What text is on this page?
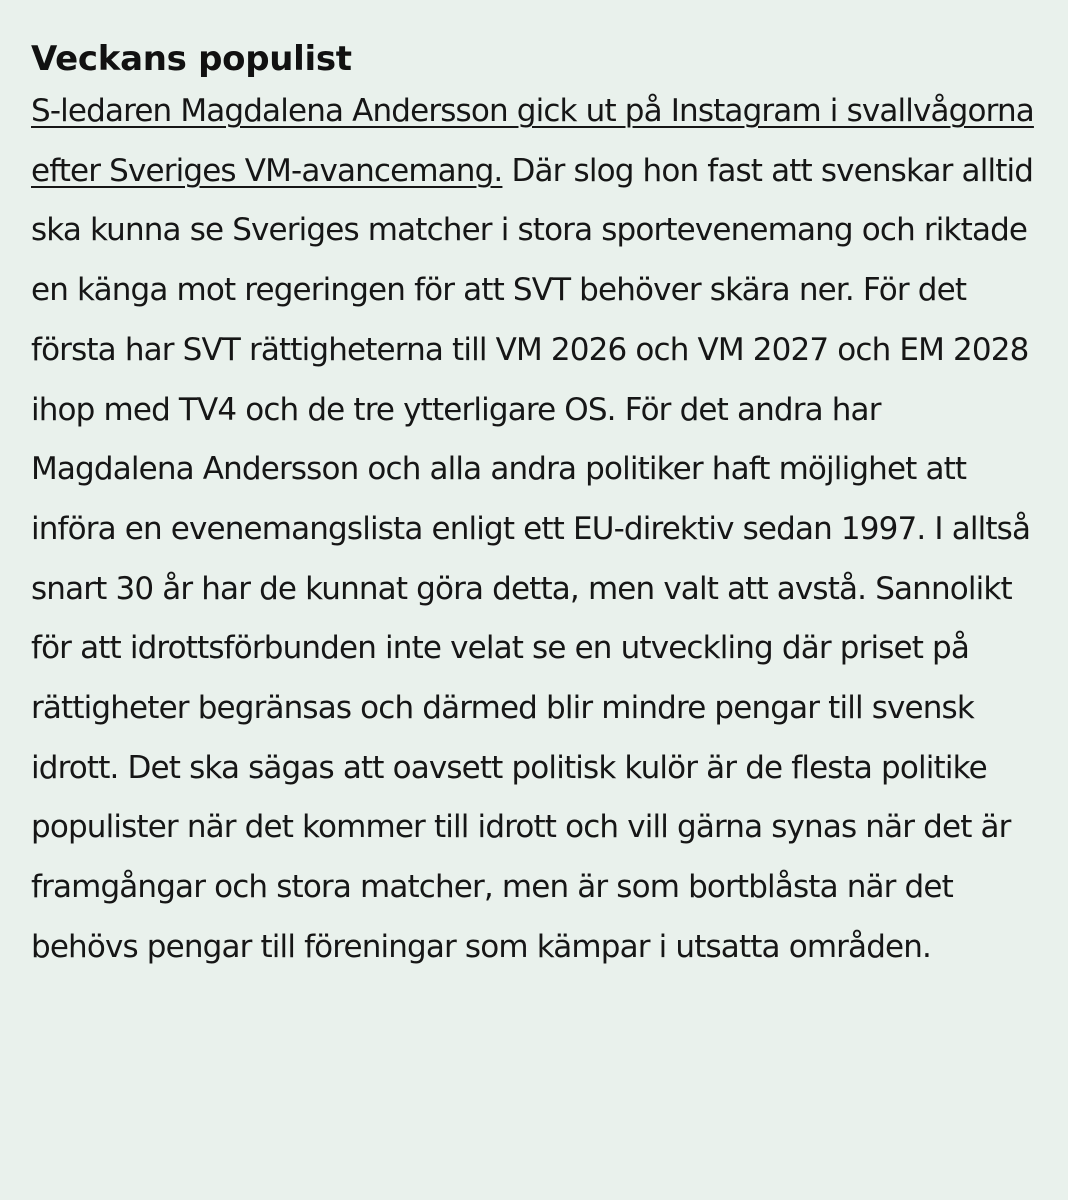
Veckans populist

S-ledaren Magdalena Andersson gick ut på Instagram i svallvågorna efter Sveriges VM-avancemang. Där slog hon fast att svenskar alltid ska kunna se Sveriges matcher i stora sportevenemang och riktade en känga mot regeringen för att SVT behöver skära ner. För det första har SVT rättigheterna till VM 2026 och VM 2027 och EM 2028 ihop med TV4 och de tre ytterligare OS. För det andra har Magdalena Andersson och alla andra politiker haft möjlighet att införa en evenemangslista enligt ett EU-direktiv sedan 1997. I alltså snart 30 år har de kunnat göra detta, men valt att avstå. Sannolikt för att idrottsförbunden inte velat se en utveckling där priset på rättigheter begränsas och därmed blir mindre pengar till svensk idrott. Det ska sägas att oavsett politisk kulör är de flesta politike populister när det kommer till idrott och vill gärna synas när det är framgångar och stora matcher, men är som bortblåsta när det behövs pengar till föreningar som kämpar i utsatta områden.
